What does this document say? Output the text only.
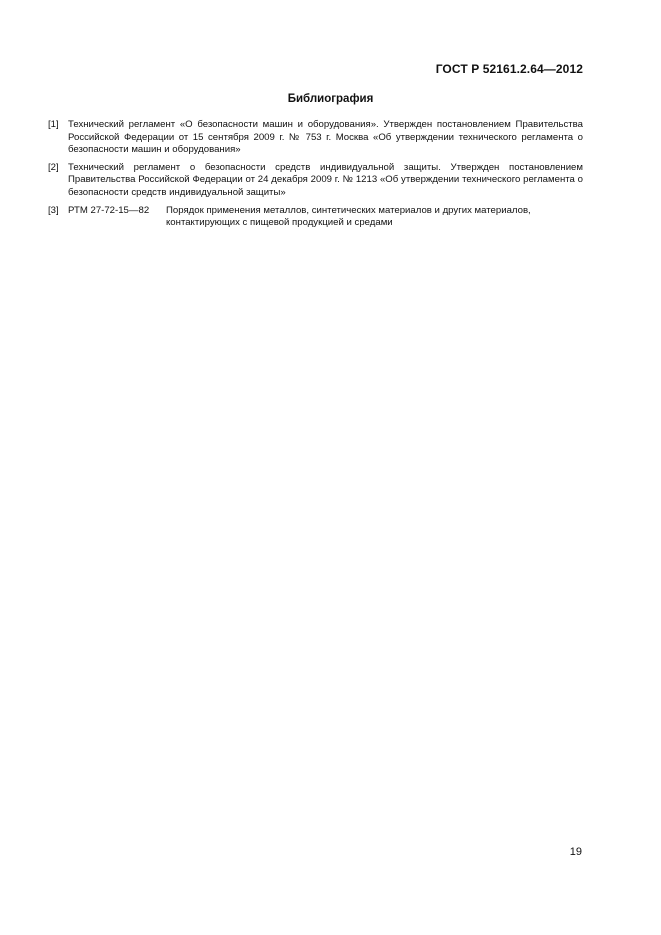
ГОСТ Р 52161.2.64—2012
Библиография
[1] Технический регламент «О безопасности машин и оборудования». Утвержден постановлением Правительства Российской Федерации от 15 сентября 2009 г. № 753 г. Москва «Об утверждении технического регламента о безопасности машин и оборудования»
[2] Технический регламент о безопасности средств индивидуальной защиты. Утвержден постановлением Правительства Российской Федерации от 24 декабря 2009 г. № 1213 «Об утверждении технического регламента о безопасности средств индивидуальной защиты»
[3] РТМ 27-72-15—82	Порядок применения металлов, синтетических материалов и других материалов, контактирующих с пищевой продукцией и средами
19
